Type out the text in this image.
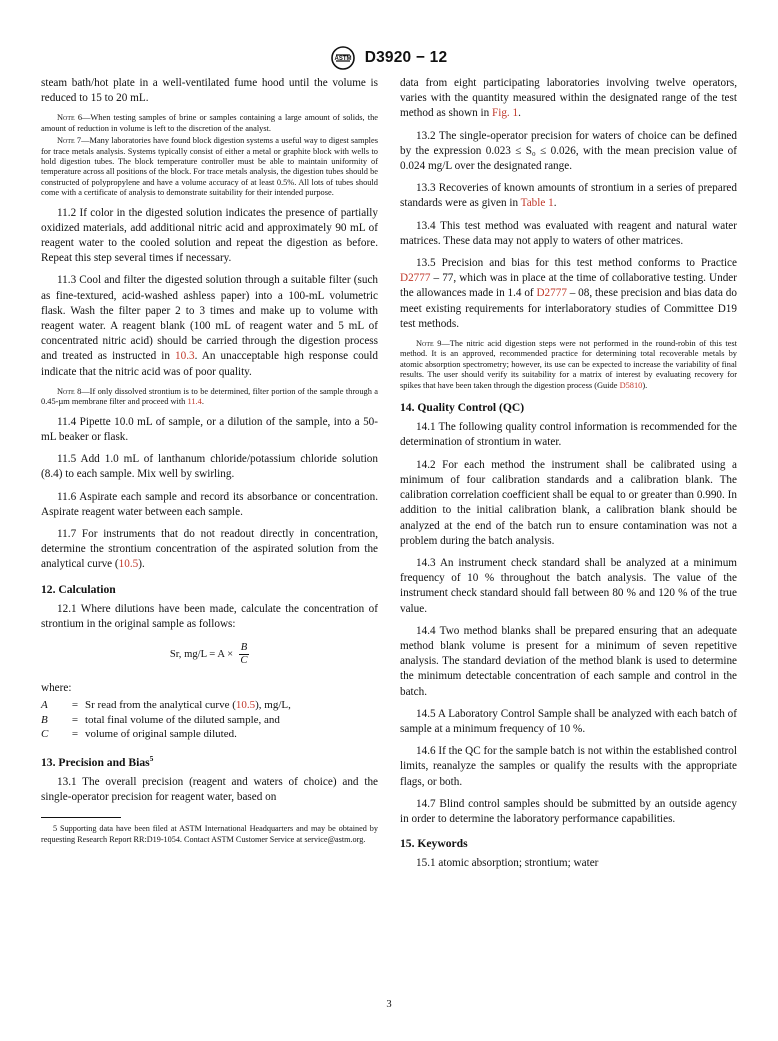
ASTM D3920 − 12

steam bath/hot plate in a well-ventilated fume hood until the volume is reduced to 15 to 20 mL.

Note 6—When testing samples of brine or samples containing a large amount of solids, the amount of reduction in volume is left to the discretion of the analyst.

Note 7—Many laboratories have found block digestion systems a useful way to digest samples for trace metals analysis. Systems typically consist of either a metal or graphite block with wells to hold digestion tubes. The block temperature controller must be able to maintain uniformity of temperature across all positions of the block. For trace metals analysis, the digestion tubes should be constructed of polypropylene and have a volume accuracy of at least 0.5%. All lots of tubes should come with a certificate of analysis to demonstrate suitability for their intended purpose.

11.2 If color in the digested solution indicates the presence of partially oxidized materials, add additional nitric acid and approximately 90 mL of reagent water to the cooled solution and repeat the digestion as before. Repeat this step several times if necessary.

11.3 Cool and filter the digested solution through a suitable filter (such as fine-textured, acid-washed ashless paper) into a 100-mL volumetric flask. Wash the filter paper 2 to 3 times and make up to volume with reagent water. A reagent blank (100 mL of reagent water and 5 mL of concentrated nitric acid) should be carried through the digestion process and treated as instructed in 10.3. An unacceptable high response could indicate that the nitric acid was of poor quality.

Note 8—If only dissolved strontium is to be determined, filter portion of the sample through a 0.45-µm membrane filter and proceed with 11.4.

11.4 Pipette 10.0 mL of sample, or a dilution of the sample, into a 50-mL beaker or flask.

11.5 Add 1.0 mL of lanthanum chloride/potassium chloride solution (8.4) to each sample. Mix well by swirling.

11.6 Aspirate each sample and record its absorbance or concentration. Aspirate reagent water between each sample.

11.7 For instruments that do not readout directly in concentration, determine the strontium concentration of the aspirated solution from the analytical curve (10.5).

12. Calculation

12.1 Where dilutions have been made, calculate the concentration of strontium in the original sample as follows:

Sr, $mg/L = A \times \frac{B}{C}$

where:

A	= Sr read from the analytical curve (10.5), mg/L,
B	= total final volume of the diluted sample, and
C	= volume of original sample diluted.
13. Precision and Bias$^5$

13.1 The overall precision (reagent and waters of choice) and the single-operator precision for reagent water, based on

5 Supporting data have been filed at ASTM International Headquarters and may be obtained by requesting Research Report RR:D19-1054. Contact ASTM Customer Service at service@astm.org.

data from eight participating laboratories involving twelve operators, varies with the quantity measured within the designated range of the test method as shown in Fig. 1.

13.2 The single-operator precision for waters of choice can be defined by the expression 0.023 ≤ S₀ ≤ 0.026, with the mean precision value of 0.024 mg/L over the designated range.

13.3 Recoveries of known amounts of strontium in a series of prepared standards were as given in Table 1.

13.4 This test method was evaluated with reagent and natural water matrices. These data may not apply to waters of other matrices.

13.5 Precision and bias for this test method conforms to Practice D2777 – 77, which was in place at the time of collaborative testing. Under the allowances made in 1.4 of D2777 – 08, these precision and bias data do meet existing requirements for interlaboratory studies of Committee D19 test methods.

Note 9—The nitric acid digestion steps were not performed in the round-robin of this test method. It is an approved, recommended practice for determining total recoverable metals by atomic absorption spectrometry; however, its use can be expected to increase the variability of final results. The user should verify its suitability for a matrix of interest by evaluating recovery for spikes that have been taken through the digestion process (Guide D5810).

14. Quality Control (QC)

14.1 The following quality control information is recommended for the determination of strontium in water.

14.2 For each method the instrument shall be calibrated using a minimum of four calibration standards and a calibration blank. The calibration correlation coefficient shall be equal to or greater than 0.990. In addition to the initial calibration blank, a calibration blank should be analyzed at the end of the batch run to ensure contamination was not a problem during the batch analysis.

14.3 An instrument check standard shall be analyzed at a minimum frequency of 10 % throughout the batch analysis. The value of the instrument check standard should fall between 80 % and 120 % of the true value.

14.4 Two method blanks shall be prepared ensuring that an adequate method blank volume is present for a minimum of seven repetitive analysis. The standard deviation of the method blank is used to determine the minimum detectable concentration of each sample and control in the batch.

14.5 A Laboratory Control Sample shall be analyzed with each batch of sample at a minimum frequency of 10 %.

14.6 If the QC for the sample batch is not within the established control limits, reanalyze the samples or qualify the results with the appropriate flags, or both.

14.7 Blind control samples should be submitted by an outside agency in order to determine the laboratory performance capabilities.

15. Keywords

15.1 atomic absorption; strontium; water

3
